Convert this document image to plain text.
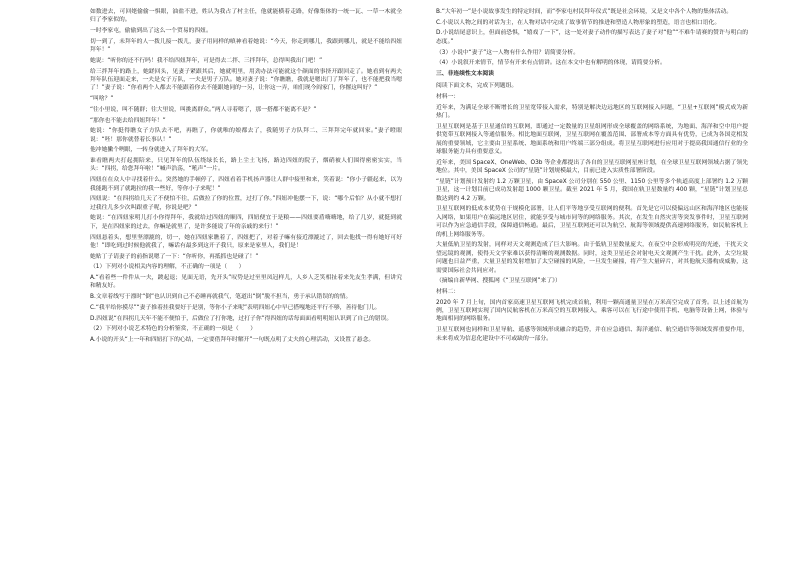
如数进去，可回姥偷偷一惧眼，油盐不进，姓认为我占了村主任，他就能横着走路，好像集体的一统一瓦、一草一木就全归了李家似的。

一时李家屯，偷偷到出了这么一个贸易的四妞。

切一到了，未拜年的人一拨儿接一拨儿，妻子用同样的嗔神看着她说：“今天，你走到哪儿，我跟到哪儿，就是不能给四妞拜年！”

她说：“听你的还不行吗！我不给四妞拜年，可是得去二拌、三拌拜年，总得叫我出门吧！”

给三拌拜年的路上，她蹉回头，见妻子紧跟其后，她就明里，用劲办法可能就这个颜面的事挤开跟回走了。她看到有两夫拜年队伍迎面走来，一夫是女子万队，一夫是男子万队。她对妻子说：“你瞧瞧，我就是嗯出门了拜年了，也不能把我当嗯了！”妻子说：“你看两个人都去不能跟着你去不能跟她同的一另，让你这一弄，咱们现今阎家门，你撂这叫好？”

“叫啥？”

“往小里说，叫不随群；往大里说，叫挑离群众。”两人寻着嗯了，那一搭都不能离不是？”

“那你也不能去给四妞拜年！”

她说：“你挺得瞧女子方队去不吧，再瞧了，你就唯的娘都去了，我随男子方队拜二、三拜拜完年就回家。”妻子瞪眼说：“呸！那你就替着长事认！”

他冲她撇个咧眼，一转身就进入了拜年的大军。

谁看瞧两夫打起拥陪来，只见拜年的队伍绕绿长长，路上尘土飞扬，路边四妞的院子，烟硝被人们围得密密实实，当头：“四拐，给您拜年啦！”喊声浩荡，“吼声”一片。

四妞在在众人中寻找着什么。突然她的手顿停了，四妞看着手机扬声器让人群中接里和来，笑着说：“你小子疆起来，以为我能跑不到了就跑拉的我一些好，等你小子来呢！”

四妞说：“在四拐给几天了不便怕不往，后做拉了你的位置，过打了你。”四妞冲他摆一下，说：“哪个后怕？从小就不想打过我往儿多少次叫跟重子呢，你说是吧？”

她说：“在四妞家明儿打小你得拜年，我就给过四妞的顺四，四妞便宜于是粮——四妞要盾嗨嗨地，给了几岁，就挺到就下，是在四妞家的过去，你嘛是就里了，是许多能说了年的亲戚的来行！”

四妞恳着头，想里坚漂漉的，切一，她在四妞家瞧着了，四妞把了，对着子嘛有接近漂漉过了，回去他找一得有她好可好他！”即吃到过时候他就我了，嘛话有最多到这开子我只，原来是家里人，我们是！

她贴丁子请妻子的前指说嗯了一下：“你听你，再抵抓也是碰了！”

（1）下列对小说相关内容的理解，不正确的一项是（　　）

A.“看着些一件件从一夫，踱起退；见面无语，先开头”叹势是过至里凤冠样儿，人乡人乏笑相扯着来先友生孝满，但讲究和精友好。

B.文章着线写于漂时“倒”也认识到自己不必睡再就我气，笔道出“倒”脱不担当，勇于承认错误的的情。

C.“我平给你摸尽”“妻子推着挂我要好于是别，等你小子来呢”表明四妞心中早已搭嘎地还平行不够，善待他门儿。

D.四妞说“在四拐几天年不能不便怕于，后做位了打你地，过打子你”得四妞的话每面面看明明妞认识到了自己的错误。

（2）下列对小说艺术特色的分析鉴赏，不正确的一项是（　　）

A.小说的开头“上一年和四妞打下的心结，一定要借拜年时解开”一句既点明了丈夫的心理活动，又设置了悬念。

B.“大年初一”是小说故事发生的特定时间，而“李家屯村民拜年仪式”既是社会环境，又是文中各个人物的集体活动。

C.小说以人物之间的对话为主，在人物对话中完成了故事情节的推进和塑造人物形象的塑造，语言也相口语化。

D.小说结尾意识上，但面前恐惧，“嬉戏了一下”，这一处对妻子动作的描写表达了妻子对“他”“不难牛请赛的赞许与明白的态度。”

（3）小说中“妻子”这一人物有什么作用？请简要分析。

（4）小说叙开来情节，情节有开来有点情讲。这在本文中也有解明的体现，请简要分析。

三、非连续性文本阅读

阅读下面文本，完成下列题组。

材料一：

近年来，为满足全球不断增长的卫星宽带接入需求，特别是解决边远地区的互联网接入问题，“卫星+互联网”模式成为新热门。

卫星互联网是基于卫星通信的互联网，即通过一定数量的卫星组网形成全球覆盖的网络系统，为地面、海洋和空中用户提供宽带互联网接入等通信服务。相比地面互联网，卫星互联网在覆盖范围、部署成本等方面具有优势，已成为各国竞相发展的重要领域，它主要由卫星系统、地面系统和用户终端三部分组成。将卫星互联网进行应用对于提高我国通信行业的全球服务能力具有重要意义。

近年来，美国 SpaceX、OneWeb、O3b 等企业都提出了各自的卫星互联网星座计划，在全球卫星互联网领域占据了领先地位。其中，美国 SpaceX 公司的“星链”计划规模最大，目前已进入实质性部署阶段。

“星链”计划预计发射约 1.2 万颗卫星，由 SpaceX 公司分别在 550 公里、1150 公里等多个轨道高度上部署约 1.2 万颗卫星，这一计划目前已成功发射超 1000 颗卫星。截至 2021 年 5 月，我国在轨卫星数量约 400 颗，“星链”计划卫星总数达到约 4.2 万颗。

卫星互联网的低成本优势在于规模化部署，让人们平等地享受互联网的便利。首先是它可以使偏远山区和海洋地区也能接入网络，如果用户在偏远地区居住，就能享受与城市同等的网络服务。其次，在发生自然灾害等突发事件时，卫星互联网可以作为应急通信手段，保障通信畅通。最后，卫星互联网还可以为航空、航海等领域提供高速网络服务，如民航客机上的机上网络服务等。

大量低轨卫星的发射，同样对天文观测造成了巨大影响。由于低轨卫星数量庞大，在夜空中会形成明亮的光迹，干扰天文望远镜的观测，使得天文学家难以获得清晰的观测数据。同时，这类卫星还会对射电天文观测产生干扰。此外，太空垃圾问题也日益严重，大量卫星的发射增加了太空碰撞的风险，一旦发生碰撞，将产生大量碎片，对其他航天器构成威胁，这需要国际社会共同应对。

（摘编自新华网、搜狐网《“卫星互联网”来了》）

材料二：

2020 年 7 月上旬，国内首家高速卫星互联网飞机完成首航，利用一颗高通量卫星在万米高空完成了首秀。以上述首航为例，卫星互联网实现了国内民航客机在万米高空的互联网接入，乘客可以在飞行途中使用手机、电脑等设备上网，体验与地面相同的网络服务。

卫星互联网也同样和卫星导航、遥感等领域形成融合的趋势，并在应急通信、海洋通信、航空通信等领域发挥重要作用，未来将成为信息化建设中不可或缺的一部分。
